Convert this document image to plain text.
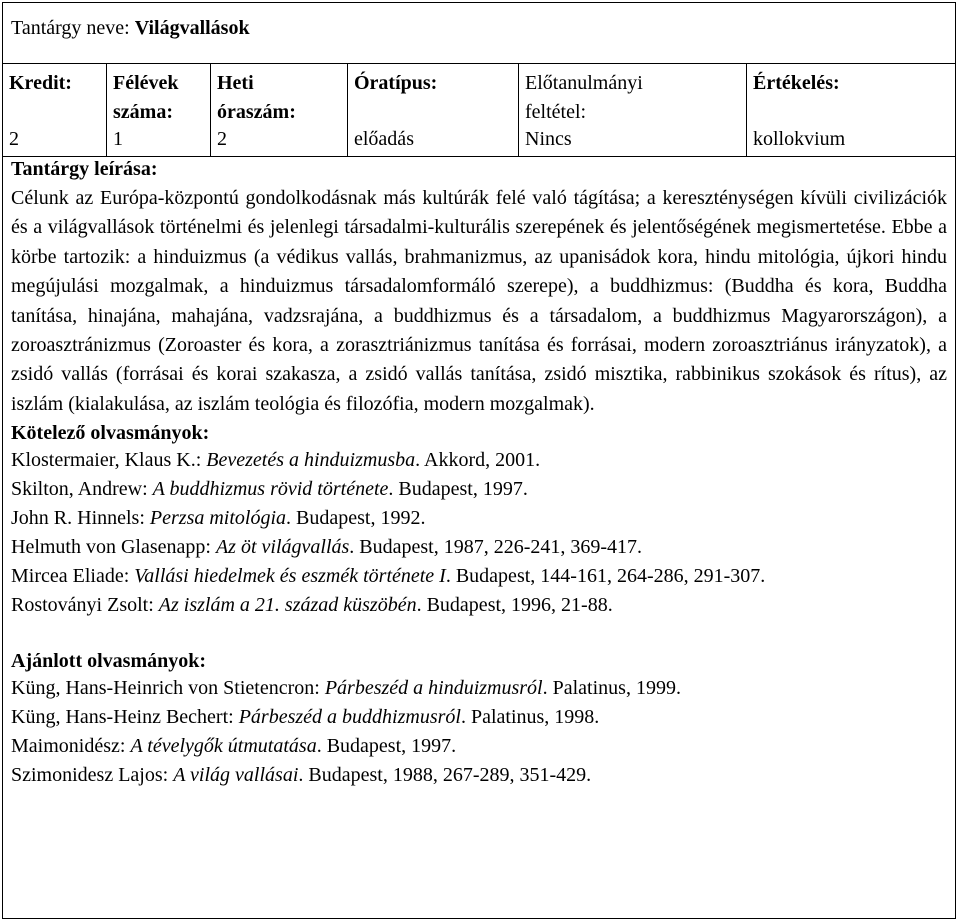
Tantárgy neve: Világvallások
Kredit:
2
Félévek száma:
1
Heti óraszám:
2
Óratípus:
előadás
Előtanulmányi feltétel:
Nincs
Értékelés:
kollokvium
Tantárgy leírása:
Célunk az Európa-központú gondolkodásnak más kultúrák felé való tágítása; a kereszténységen kívüli civilizációk és a világvallások történelmi és jelenlegi társadalmi-kulturális szerepének és jelentőségének megismertetése. Ebbe a körbe tartozik: a hinduizmus (a védikus vallás, brahmanizmus, az upanisádok kora, hindu mitológia, újkori hindu megújulási mozgalmak, a hinduizmus társadalomformáló szerepe), a buddhizmus: (Buddha és kora, Buddha tanítása, hinajána, mahajána, vadzsrajána, a buddhizmus és a társadalom, a buddhizmus Magyarországon), a zoroasztránizmus (Zoroaster és kora, a zorasztriánizmus tanítása és forrásai, modern zoroasztriánus irányzatok), a zsidó vallás (forrásai és korai szakasza, a zsidó vallás tanítása, zsidó misztika, rabbinikus szokások és rítus), az iszlám (kialakulása, az iszlám teológia és filozófia, modern mozgalmak).
Kötelező olvasmányok:
Klostermaier, Klaus K.: Bevezetés a hinduizmusba. Akkord, 2001.
Skilton, Andrew: A buddhizmus rövid története. Budapest, 1997.
John R. Hinnels: Perzsa mitológia. Budapest, 1992.
Helmuth von Glasenapp: Az öt világvallás. Budapest, 1987, 226-241, 369-417.
Mircea Eliade: Vallási hiedelmek és eszmék története I. Budapest, 144-161, 264-286, 291-307.
Rostoványi Zsolt: Az iszlám a 21. század küszöbén. Budapest, 1996, 21-88.
Ajánlott olvasmányok:
Küng, Hans-Heinrich von Stietencron: Párbeszéd a hinduizmusról. Palatinus, 1999.
Küng, Hans-Heinz Bechert: Párbeszéd a buddhizmusról. Palatinus, 1998.
Maimonidész: A tévelygők útmutatása. Budapest, 1997.
Szimonidesz Lajos: A világ vallásai. Budapest, 1988, 267-289, 351-429.
